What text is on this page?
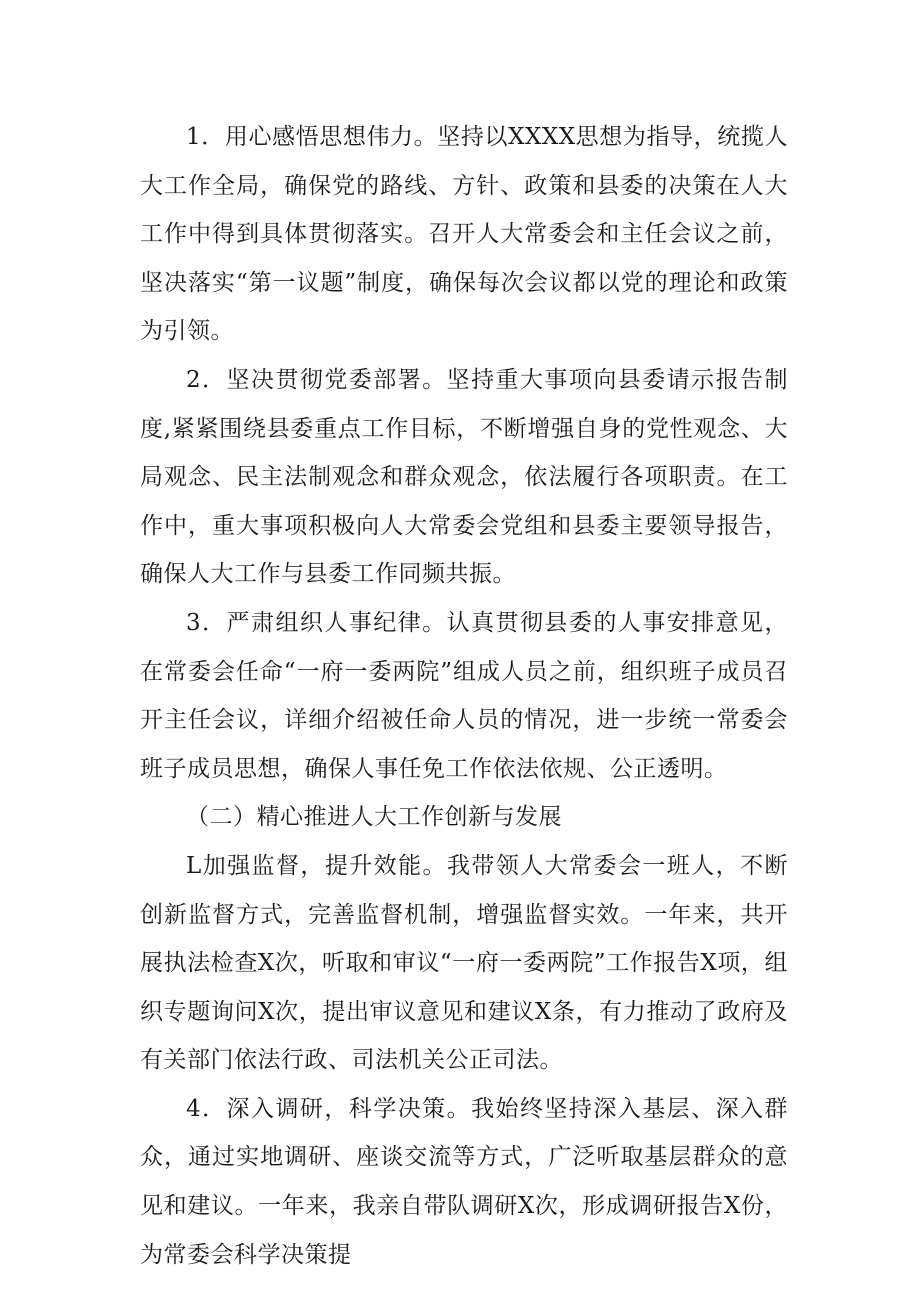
1．用心感悟思想伟力。坚持以XXXX思想为指导，统揽人大工作全局，确保党的路线、方针、政策和县委的决策在人大工作中得到具体贯彻落实。召开人大常委会和主任会议之前，坚决落实“第一议题”制度，确保每次会议都以党的理论和政策为引领。

2．坚决贯彻党委部署。坚持重大事项向县委请示报告制度,紧紧围绕县委重点工作目标，不断增强自身的党性观念、大局观念、民主法制观念和群众观念，依法履行各项职责。在工作中，重大事项积极向人大常委会党组和县委主要领导报告，确保人大工作与县委工作同频共振。

3．严肃组织人事纪律。认真贯彻县委的人事安排意见，在常委会任命“一府一委两院”组成人员之前，组织班子成员召开主任会议，详细介绍被任命人员的情况，进一步统一常委会班子成员思想，确保人事任免工作依法依规、公正透明。

（二）精心推进人大工作创新与发展

L加强监督，提升效能。我带领人大常委会一班人，不断创新监督方式，完善监督机制，增强监督实效。一年来，共开展执法检查X次，听取和审议“一府一委两院”工作报告X项，组织专题询问X次，提出审议意见和建议X条，有力推动了政府及有关部门依法行政、司法机关公正司法。

4．深入调研，科学决策。我始终坚持深入基层、深入群众，通过实地调研、座谈交流等方式，广泛听取基层群众的意见和建议。一年来，我亲自带队调研X次，形成调研报告X份，为常委会科学决策提
